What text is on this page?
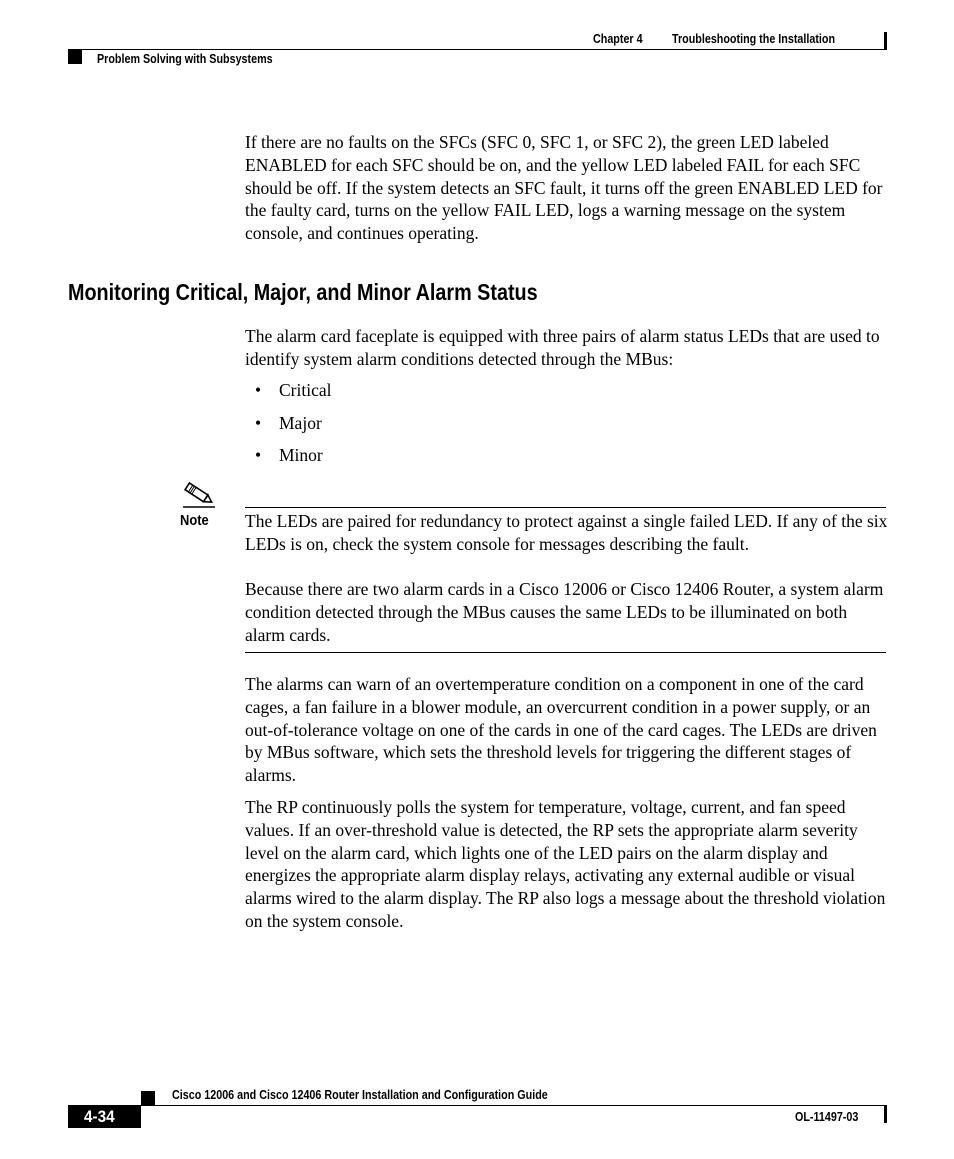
Chapter 4 Troubleshooting the Installation
Problem Solving with Subsystems

If there are no faults on the SFCs (SFC 0, SFC 1, or SFC 2), the green LED labeled ENABLED for each SFC should be on, and the yellow LED labeled FAIL for each SFC should be off. If the system detects an SFC fault, it turns off the green ENABLED LED for the faulty card, turns on the yellow FAIL LED, logs a warning message on the system console, and continues operating.

Monitoring Critical, Major, and Minor Alarm Status

The alarm card faceplate is equipped with three pairs of alarm status LEDs that are used to identify system alarm conditions detected through the MBus:

• Critical
• Major
• Minor
Note The LEDs are paired for redundancy to protect against a single failed LED. If any of the six LEDs is on, check the system console for messages describing the fault.

Because there are two alarm cards in a Cisco 12006 or Cisco 12406 Router, a system alarm condition detected through the MBus causes the same LEDs to be illuminated on both alarm cards.

The alarms can warn of an overtemperature condition on a component in one of the card cages, a fan failure in a blower module, an overcurrent condition in a power supply, or an out-of-tolerance voltage on one of the cards in one of the card cages. The LEDs are driven by MBus software, which sets the threshold levels for triggering the different stages of alarms.

The RP continuously polls the system for temperature, voltage, current, and fan speed values. If an over-threshold value is detected, the RP sets the appropriate alarm severity level on the alarm card, which lights one of the LED pairs on the alarm display and energizes the appropriate alarm display relays, activating any external audible or visual alarms wired to the alarm display. The RP also logs a message about the threshold violation on the system console.

Cisco 12006 and Cisco 12406 Router Installation and Configuration Guide
4-34	OL-11497-03
